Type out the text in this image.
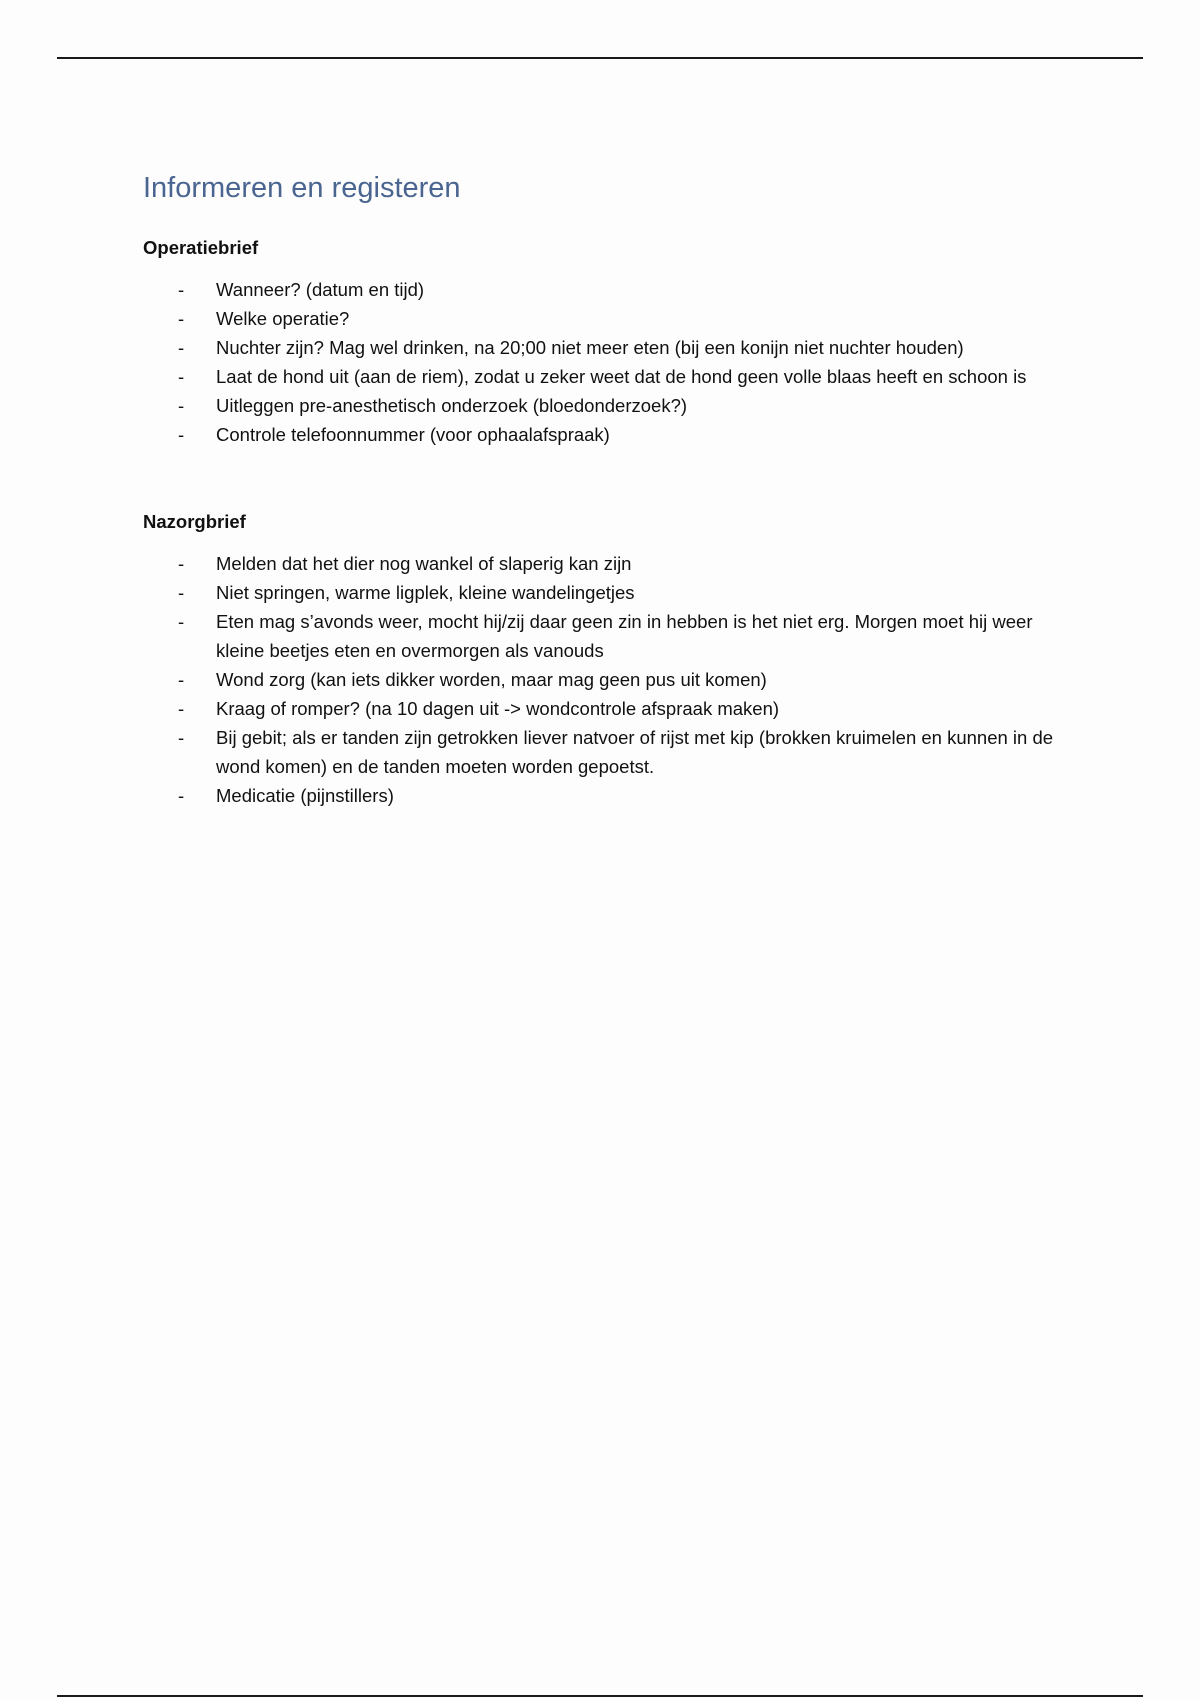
Informeren en registeren
Operatiebrief
- Wanneer? (datum en tijd)
- Welke operatie?
- Nuchter zijn? Mag wel drinken, na 20;00 niet meer eten (bij een konijn niet nuchter houden)
- Laat de hond uit (aan de riem), zodat u zeker weet dat de hond geen volle blaas heeft en schoon is
- Uitleggen pre-anesthetisch onderzoek (bloedonderzoek?)
- Controle telefoonnummer (voor ophaalafspraak)
Nazorgbrief
- Melden dat het dier nog wankel of slaperig kan zijn
- Niet springen, warme ligplek, kleine wandelingetjes
- Eten mag s’avonds weer, mocht hij/zij daar geen zin in hebben is het niet erg. Morgen moet hij weer kleine beetjes eten en overmorgen als vanouds
- Wond zorg (kan iets dikker worden, maar mag geen pus uit komen)
- Kraag of romper? (na 10 dagen uit -> wondcontrole afspraak maken)
- Bij gebit; als er tanden zijn getrokken liever natvoer of rijst met kip (brokken kruimelen en kunnen in de wond komen) en de tanden moeten worden gepoetst.
- Medicatie (pijnstillers)
